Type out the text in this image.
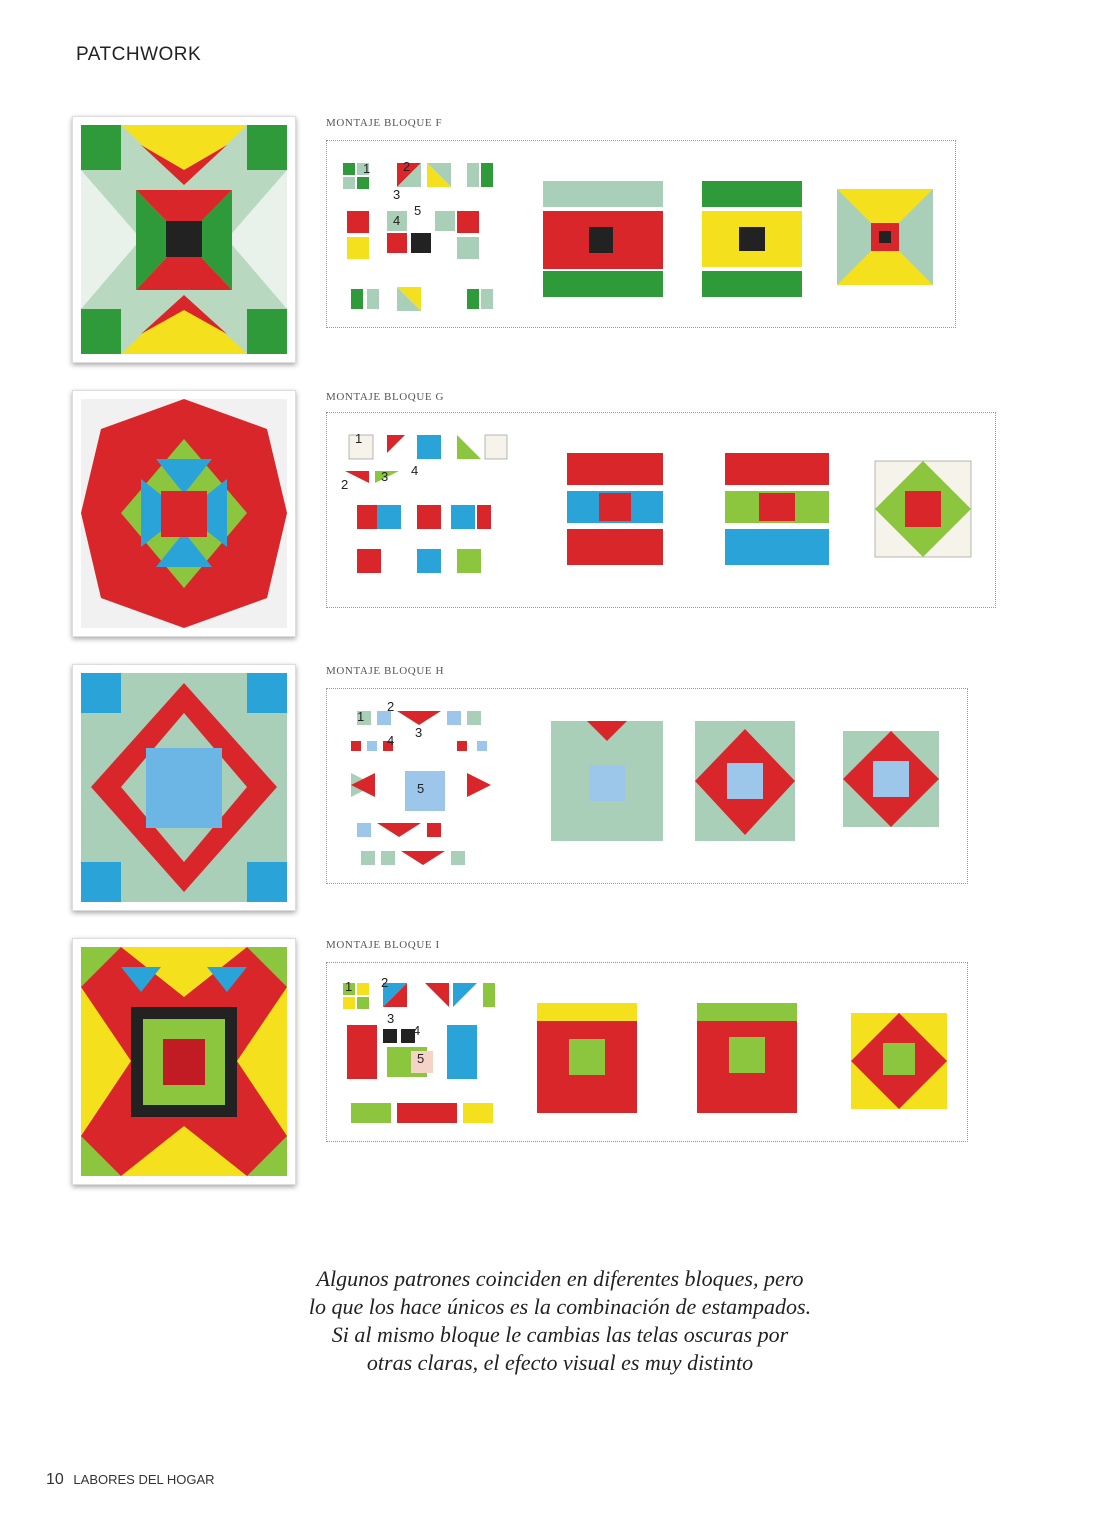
PATCHWORK
MONTAJE BLOQUE F
1	2
3
4
5
MONTAJE BLOQUE G
1
2
3 4
MONTAJE BLOQUE H
1
2
3
4
5
MONTAJE BLOQUE I
1 2
3
4
5
Algunos patrones coinciden en diferentes bloques, pero
lo que los hace únicos es la combinación de estampados.
Si al mismo bloque le cambias las telas oscuras por
otras claras, el efecto visual es muy distinto
10 LABORES DEL HOGAR
